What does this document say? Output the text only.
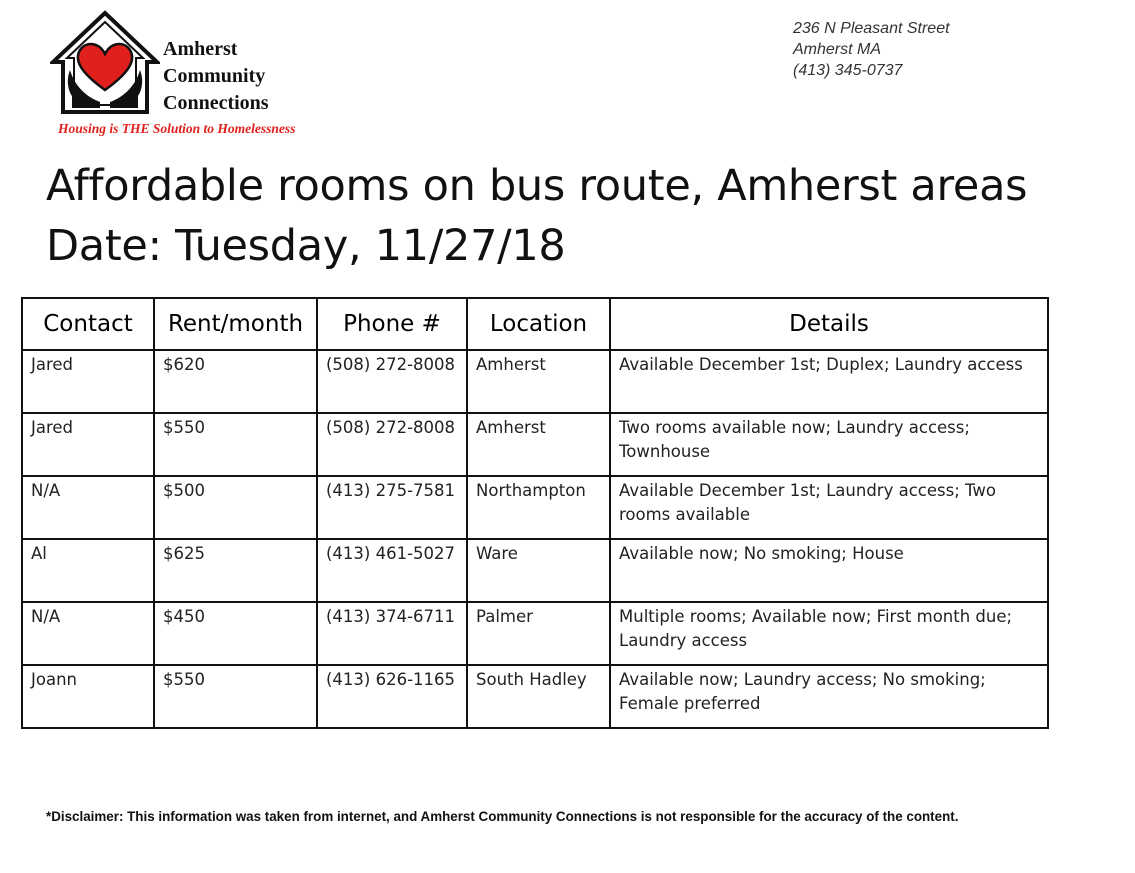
Amherst
Community
Connections
Housing is THE Solution to Homelessness
236 N Pleasant Street
Amherst MA
(413) 345-0737
Affordable rooms on bus route, Amherst areas
Date: Tuesday, 11/27/18
Contact	Rent/month	Phone #	Location	Details
Jared	$620	(508) 272-8008	Amherst	Available December 1st; Duplex; Laundry access
Jared	$550	(508) 272-8008	Amherst	Two rooms available now; Laundry access; Townhouse
N/A	$500	(413) 275-7581	Northampton	Available December 1st; Laundry access; Two rooms available
Al	$625	(413) 461-5027	Ware	Available now; No smoking; House
N/A	$450	(413) 374-6711	Palmer	Multiple rooms; Available now; First month due; Laundry access
Joann	$550	(413) 626-1165	South Hadley	Available now; Laundry access; No smoking; Female preferred
*Disclaimer: This information was taken from internet, and Amherst Community Connections is not responsible for the accuracy of the content.
